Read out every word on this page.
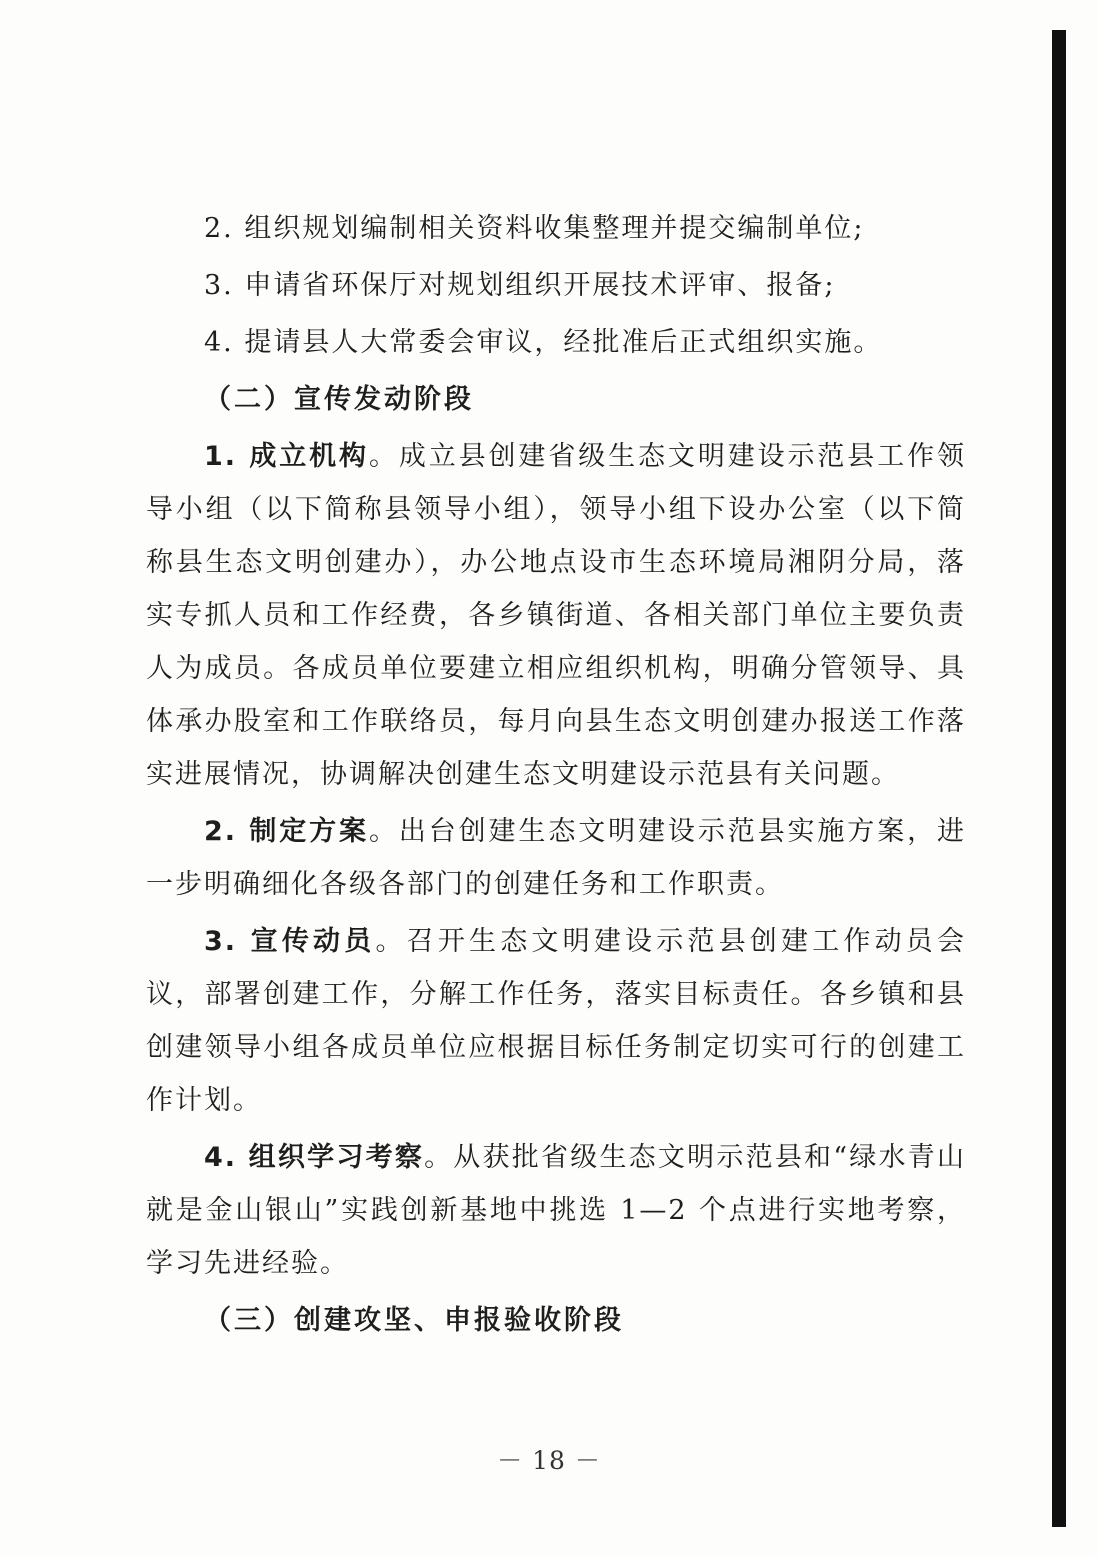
2. 组织规划编制相关资料收集整理并提交编制单位;

3. 申请省环保厅对规划组织开展技术评审、报备;

4. 提请县人大常委会审议，经批准后正式组织实施。

（二）宣传发动阶段

1. 成立机构。成立县创建省级生态文明建设示范县工作领导小组（以下简称县领导小组），领导小组下设办公室（以下简称县生态文明创建办），办公地点设市生态环境局湘阴分局，落实专抓人员和工作经费，各乡镇街道、各相关部门单位主要负责人为成员。各成员单位要建立相应组织机构，明确分管领导、具体承办股室和工作联络员，每月向县生态文明创建办报送工作落实进展情况，协调解决创建生态文明建设示范县有关问题。

2. 制定方案。出台创建生态文明建设示范县实施方案，进一步明确细化各级各部门的创建任务和工作职责。

3. 宣传动员。召开生态文明建设示范县创建工作动员会议，部署创建工作，分解工作任务，落实目标责任。各乡镇和县创建领导小组各成员单位应根据目标任务制定切实可行的创建工作计划。

4. 组织学习考察。从获批省级生态文明示范县和“绿水青山就是金山银山”实践创新基地中挑选 1—2 个点进行实地考察，学习先进经验。

（三）创建攻坚、申报验收阶段

－ 18 －
